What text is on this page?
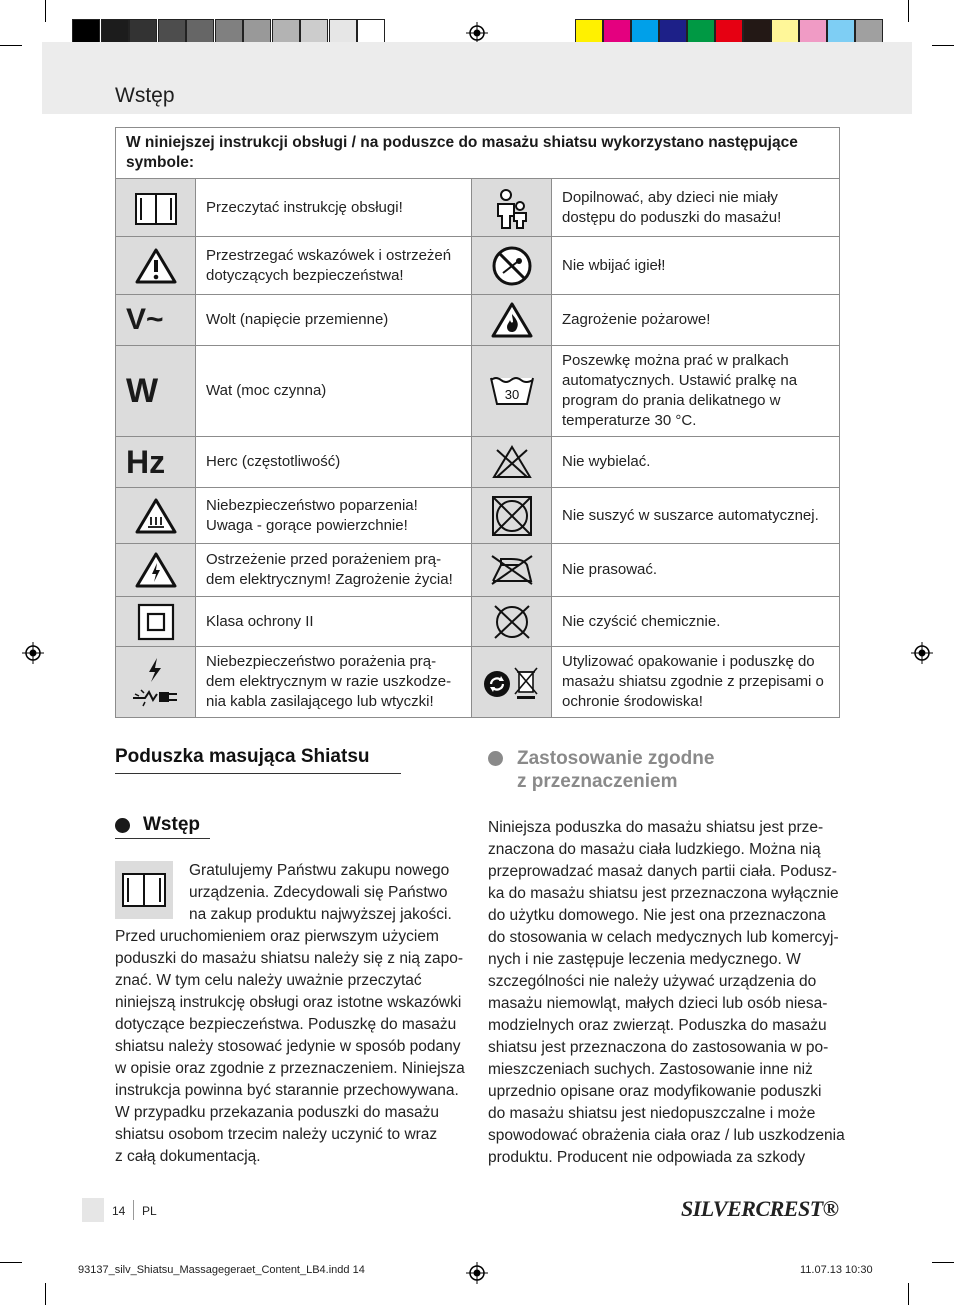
Wstęp
W niniejszej instrukcji obsługi / na poduszce do masażu shiatsu wykorzystano następujące symbole:			

	Przeczytać instrukcję obsługi!		Dopilnować, aby dzieci nie miały dostępu do poduszki do masażu!

	Przestrzegać wskazówek i ostrzeżeń dotyczących bezpieczeństwa!		Nie wbijać igieł!

V~	Wolt (napięcie przemienne)		Zagrożenie pożarowe!

W	Wat (moc czynna)	30	Poszewkę można prać w pralkach automatycznych. Ustawić pralkę na program do prania delikatnego w temperaturze 30 °C.

Hz	Herc (częstotliwość)		Nie wybielać.

	Niebezpieczeństwo poparzenia! Uwaga - gorące powierzchnie!		Nie suszyć w suszarce automatycznej.

	Ostrzeżenie przed porażeniem prą- dem elektrycznym! Zagrożenie życia!		Nie prasować.

	Klasa ochrony II		Nie czyścić chemicznie.

	Niebezpieczeństwo porażenia prą- dem elektrycznym w razie uszkodze- nia kabla zasilającego lub wtyczki!		Utylizować opakowanie i poduszkę do masażu shiatsu zgodnie z przepisami o ochronie środowiska!
Poduszka masująca Shiatsu
Wstęp
Gratulujemy Państwu zakupu nowego
urządzenia. Zdecydowali się Państwo
na zakup produktu najwyższej jakości.
Przed uruchomieniem oraz pierwszym użyciem
poduszki do masażu shiatsu należy się z nią zapo-
znać. W tym celu należy uważnie przeczytać
niniejszą instrukcję obsługi oraz istotne wskazówki
dotyczące bezpieczeństwa. Poduszkę do masażu
shiatsu należy stosować jedynie w sposób podany
w opisie oraz zgodnie z przeznaczeniem. Niniejsza
instrukcja powinna być starannie przechowywana.
W przypadku przekazania poduszki do masażu
shiatsu osobom trzecim należy uczynić to wraz
z całą dokumentacją.
Zastosowanie zgodne
z przeznaczeniem
Niniejsza poduszka do masażu shiatsu jest prze-
znaczona do masażu ciała ludzkiego. Można nią
przeprowadzać masaż danych partii ciała. Podusz-
ka do masażu shiatsu jest przeznaczona wyłącznie
do użytku domowego. Nie jest ona przeznaczona
do stosowania w celach medycznych lub komercyj-
nych i nie zastępuje leczenia medycznego. W
szczególności nie należy używać urządzenia do
masażu niemowląt, małych dzieci lub osób niesa-
modzielnych oraz zwierząt. Poduszka do masażu
shiatsu jest przeznaczona do zastosowania w po-
mieszczeniach suchych. Zastosowanie inne niż
uprzednio opisane oraz modyfikowanie poduszki
do masażu shiatsu jest niedopuszczalne i może
spowodować obrażenia ciała oraz / lub uszkodzenia
produktu. Producent nie odpowiada za szkody
14 PL	SILVERCREST®
93137_silv_Shiatsu_Massagegeraet_Content_LB4.indd 14	11.07.13 10:30
